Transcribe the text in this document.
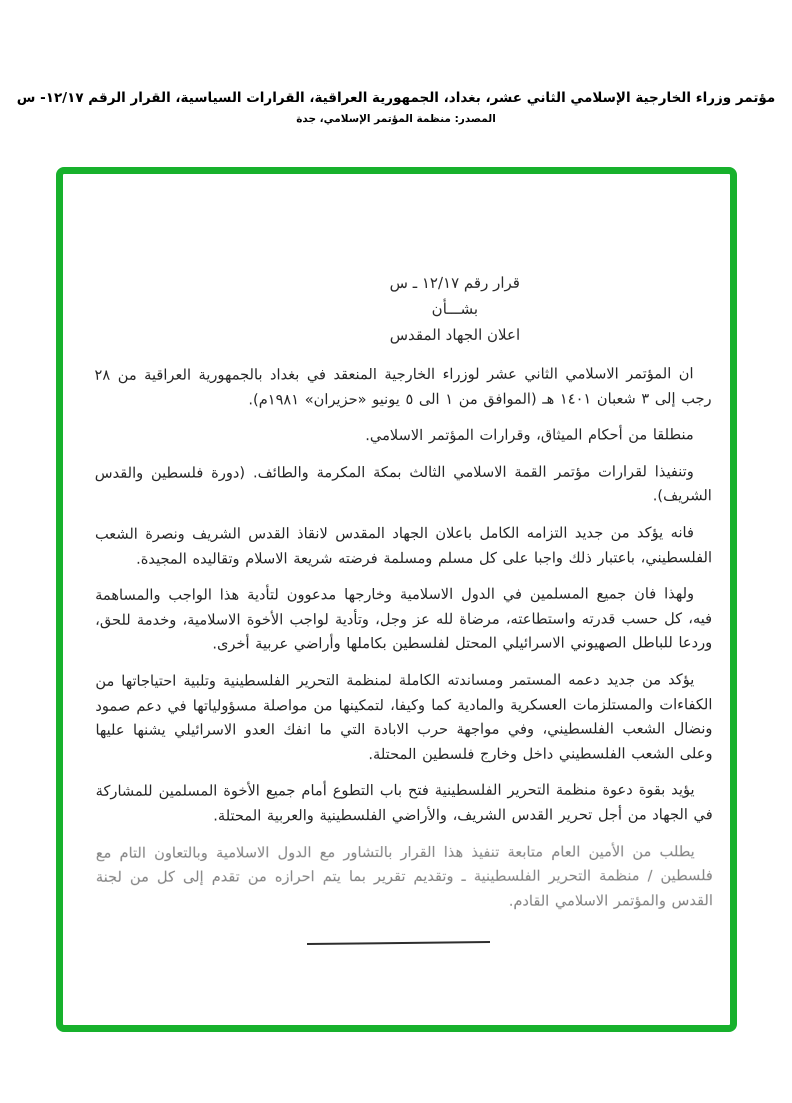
مؤتمر وزراء الخارجية الإسلامي الثاني عشر، بغداد، الجمهورية العراقية، القرارات السياسية، القرار الرقم ١٢/١٧- س
المصدر: منظمة المؤتمر الإسلامي، جدة
قرار رقم ١٢/١٧ ـ س
بشـــأن
اعلان الجهاد المقدس

ان المؤتمر الاسلامي الثاني عشر لوزراء الخارجية المنعقد في بغداد بالجمهورية العراقية من ٢٨ رجب إلى ٣ شعبان ١٤٠١ هـ (الموافق من ١ الى ٥ يونيو «حزيران» ١٩٨١م).

منطلقا من أحكام الميثاق، وقرارات المؤتمر الاسلامي.

وتنفيذا لقرارات مؤتمر القمة الاسلامي الثالث بمكة المكرمة والطائف. (دورة فلسطين والقدس الشريف).

فانه يؤكد من جديد التزامه الكامل باعلان الجهاد المقدس لانقاذ القدس الشريف ونصرة الشعب الفلسطيني، باعتبار ذلك واجبا على كل مسلم ومسلمة فرضته شريعة الاسلام وتقاليده المجيدة.

ولهذا فان جميع المسلمين في الدول الاسلامية وخارجها مدعوون لتأدية هذا الواجب والمساهمة فيه، كل حسب قدرته واستطاعته، مرضاة لله عز وجل، وتأدية لواجب الأخوة الاسلامية، وخدمة للحق، وردعا للباطل الصهيوني الاسرائيلي المحتل لفلسطين بكاملها وأراضي عربية أخرى.

يؤكد من جديد دعمه المستمر ومساندته الكاملة لمنظمة التحرير الفلسطينية وتلبية احتياجاتها من الكفاءات والمستلزمات العسكرية والمادية كما وكيفا، لتمكينها من مواصلة مسؤولياتها في دعم صمود ونضال الشعب الفلسطيني، وفي مواجهة حرب الابادة التي ما انفك العدو الاسرائيلي يشنها عليها وعلى الشعب الفلسطيني داخل وخارج فلسطين المحتلة.

يؤيد بقوة دعوة منظمة التحرير الفلسطينية فتح باب التطوع أمام جميع الأخوة المسلمين للمشاركة في الجهاد من أجل تحرير القدس الشريف، والأراضي الفلسطينية والعربية المحتلة.

يطلب من الأمين العام متابعة تنفيذ هذا القرار بالتشاور مع الدول الاسلامية وبالتعاون التام مع فلسطين / منظمة التحرير الفلسطينية ـ وتقديم تقرير بما يتم احرازه من تقدم إلى كل من لجنة القدس والمؤتمر الاسلامي القادم.
